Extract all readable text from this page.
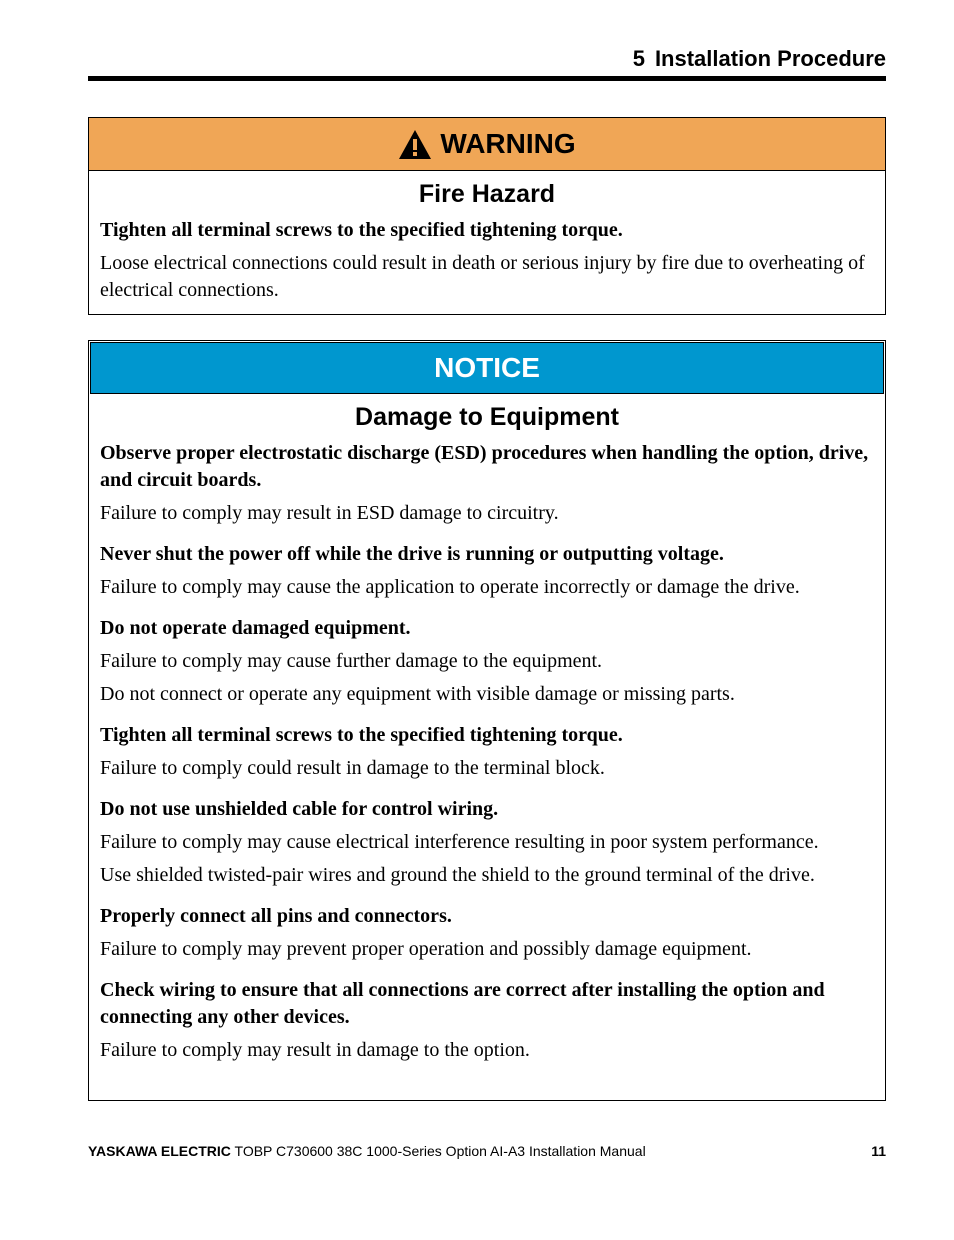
5 Installation Procedure
WARNING
Fire Hazard

Tighten all terminal screws to the specified tightening torque.

Loose electrical connections could result in death or serious injury by fire due to overheating of electrical connections.

NOTICE
Damage to Equipment

Observe proper electrostatic discharge (ESD) procedures when handling the option, drive, and circuit boards.

Failure to comply may result in ESD damage to circuitry.

Never shut the power off while the drive is running or outputting voltage.

Failure to comply may cause the application to operate incorrectly or damage the drive.

Do not operate damaged equipment.

Failure to comply may cause further damage to the equipment.

Do not connect or operate any equipment with visible damage or missing parts.

Tighten all terminal screws to the specified tightening torque.

Failure to comply could result in damage to the terminal block.

Do not use unshielded cable for control wiring.

Failure to comply may cause electrical interference resulting in poor system performance.

Use shielded twisted-pair wires and ground the shield to the ground terminal of the drive.

Properly connect all pins and connectors.

Failure to comply may prevent proper operation and possibly damage equipment.

Check wiring to ensure that all connections are correct after installing the option and connecting any other devices.

Failure to comply may result in damage to the option.

YASKAWA ELECTRIC TOBP C730600 38C 1000-Series Option AI-A3 Installation Manual	11
